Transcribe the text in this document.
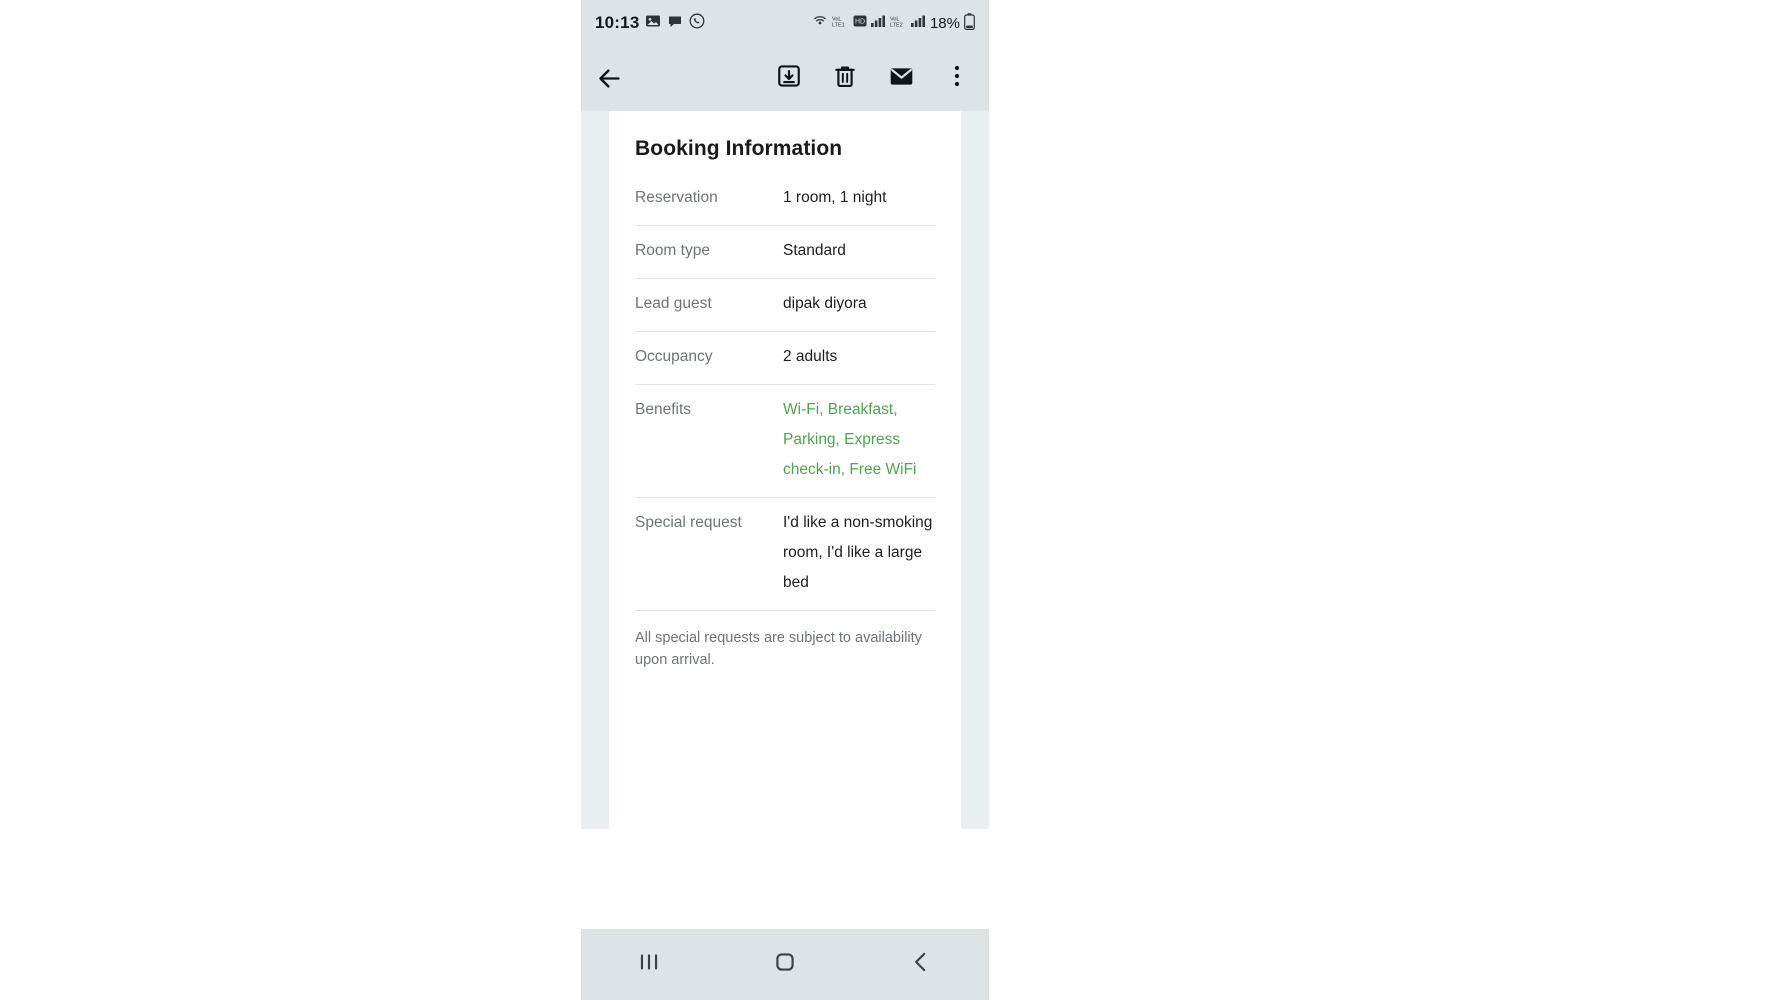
10:13	VoL
LTE1 HD	VoL
LTE2 18%
Booking Information
Reservation	1 room, 1 night
Room type	Standard
Lead guest	dipak diyora
Occupancy	2 adults
Benefits	Wi-Fi, Breakfast, Parking, Express check-in, Free WiFi
Special request	I'd like a non-smoking room, I'd like a large bed
All special requests are subject to availability upon arrival.
